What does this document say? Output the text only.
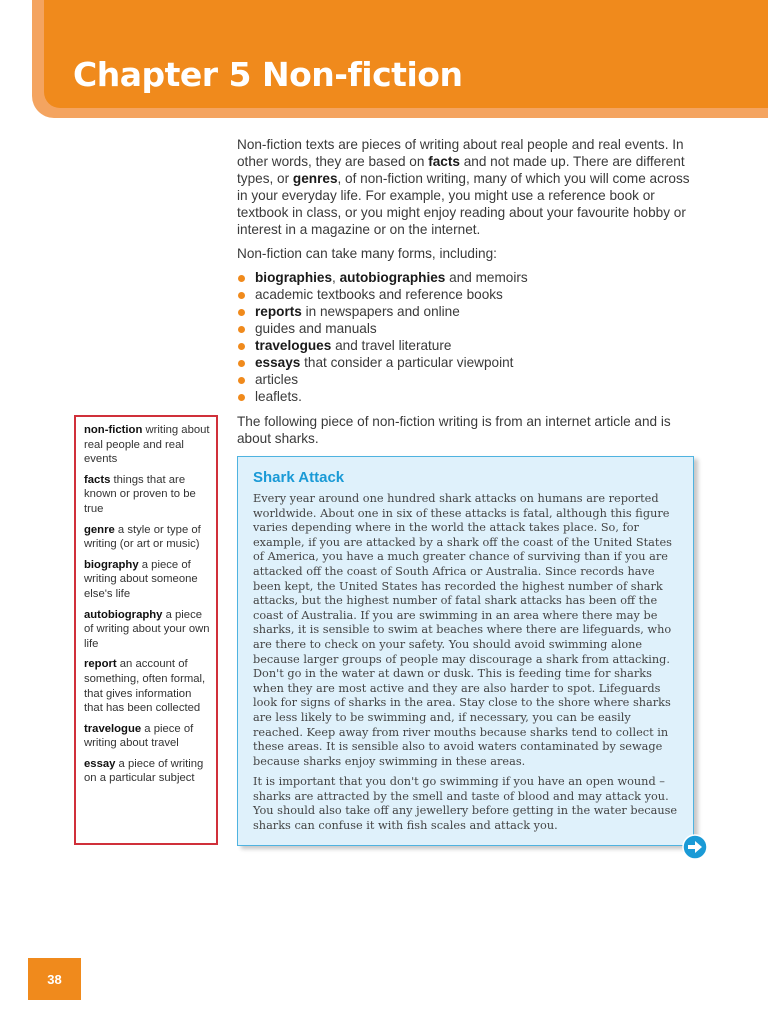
Chapter 5 Non-fiction

Non-fiction texts are pieces of writing about real people and real events. In other words, they are based on facts and not made up. There are different types, or genres, of non-fiction writing, many of which you will come across in your everyday life. For example, you might use a reference book or textbook in class, or you might enjoy reading about your favourite hobby or interest in a magazine or on the internet.

Non-fiction can take many forms, including:

biographies, autobiographies and memoirs
academic textbooks and reference books
reports in newspapers and online
guides and manuals
travelogues and travel literature
essays that consider a particular viewpoint
articles
leaflets.

The following piece of non-fiction writing is from an internet article and is about sharks.

non-fiction writing about real people and real events
facts things that are known or proven to be true
genre a style or type of writing (or art or music)
biography a piece of writing about someone else's life
autobiography a piece of writing about your own life
report an account of something, often formal, that gives information that has been collected
travelogue a piece of writing about travel
essay a piece of writing on a particular subject
Shark Attack

Every year around one hundred shark attacks on humans are reported worldwide. About one in six of these attacks is fatal, although this figure varies depending where in the world the attack takes place. So, for example, if you are attacked by a shark off the coast of the United States of America, you have a much greater chance of surviving than if you are attacked off the coast of South Africa or Australia. Since records have been kept, the United States has recorded the highest number of shark attacks, but the highest number of fatal shark attacks has been off the coast of Australia. If you are swimming in an area where there may be sharks, it is sensible to swim at beaches where there are lifeguards, who are there to check on your safety. You should avoid swimming alone because larger groups of people may discourage a shark from attacking. Don't go in the water at dawn or dusk. This is feeding time for sharks when they are most active and they are also harder to spot. Lifeguards look for signs of sharks in the area. Stay close to the shore where sharks are less likely to be swimming and, if necessary, you can be easily reached. Keep away from river mouths because sharks tend to collect in these areas. It is sensible also to avoid waters contaminated by sewage because sharks enjoy swimming in these areas.

It is important that you don't go swimming if you have an open wound – sharks are attracted by the smell and taste of blood and may attack you. You should also take off any jewellery before getting in the water because sharks can confuse it with fish scales and attack you.

38
